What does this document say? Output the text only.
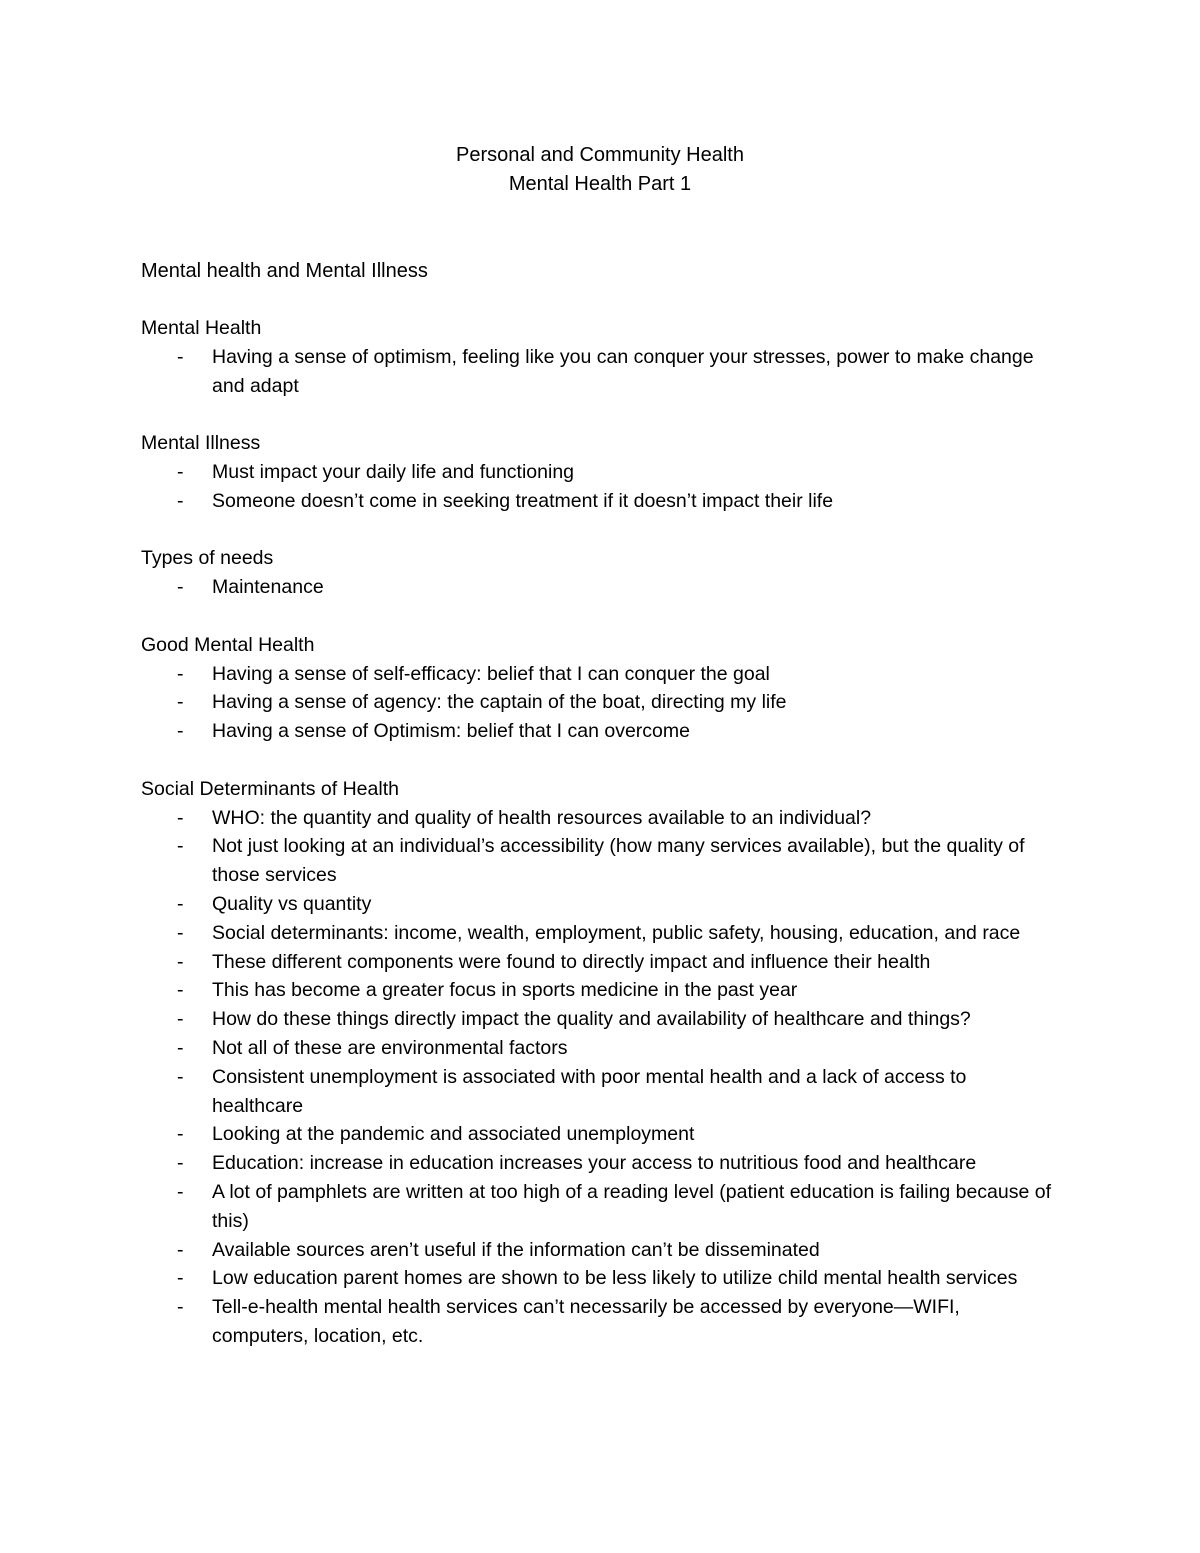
Personal and Community Health
Mental Health Part 1
Mental health and Mental Illness
Mental Health
- Having a sense of optimism, feeling like you can conquer your stresses, power to make change and adapt
Mental Illness
- Must impact your daily life and functioning
- Someone doesn’t come in seeking treatment if it doesn’t impact their life
Types of needs
- Maintenance
Good Mental Health
- Having a sense of self-efficacy: belief that I can conquer the goal
- Having a sense of agency: the captain of the boat, directing my life
- Having a sense of Optimism: belief that I can overcome
Social Determinants of Health
- WHO: the quantity and quality of health resources available to an individual?
- Not just looking at an individual’s accessibility (how many services available), but the quality of those services
- Quality vs quantity
- Social determinants: income, wealth, employment, public safety, housing, education, and race
- These different components were found to directly impact and influence their health
- This has become a greater focus in sports medicine in the past year
- How do these things directly impact the quality and availability of healthcare and things?
- Not all of these are environmental factors
- Consistent unemployment is associated with poor mental health and a lack of access to healthcare
- Looking at the pandemic and associated unemployment
- Education: increase in education increases your access to nutritious food and healthcare
- A lot of pamphlets are written at too high of a reading level (patient education is failing because of this)
- Available sources aren’t useful if the information can’t be disseminated
- Low education parent homes are shown to be less likely to utilize child mental health services
- Tell-e-health mental health services can’t necessarily be accessed by everyone—WIFI, computers, location, etc.
